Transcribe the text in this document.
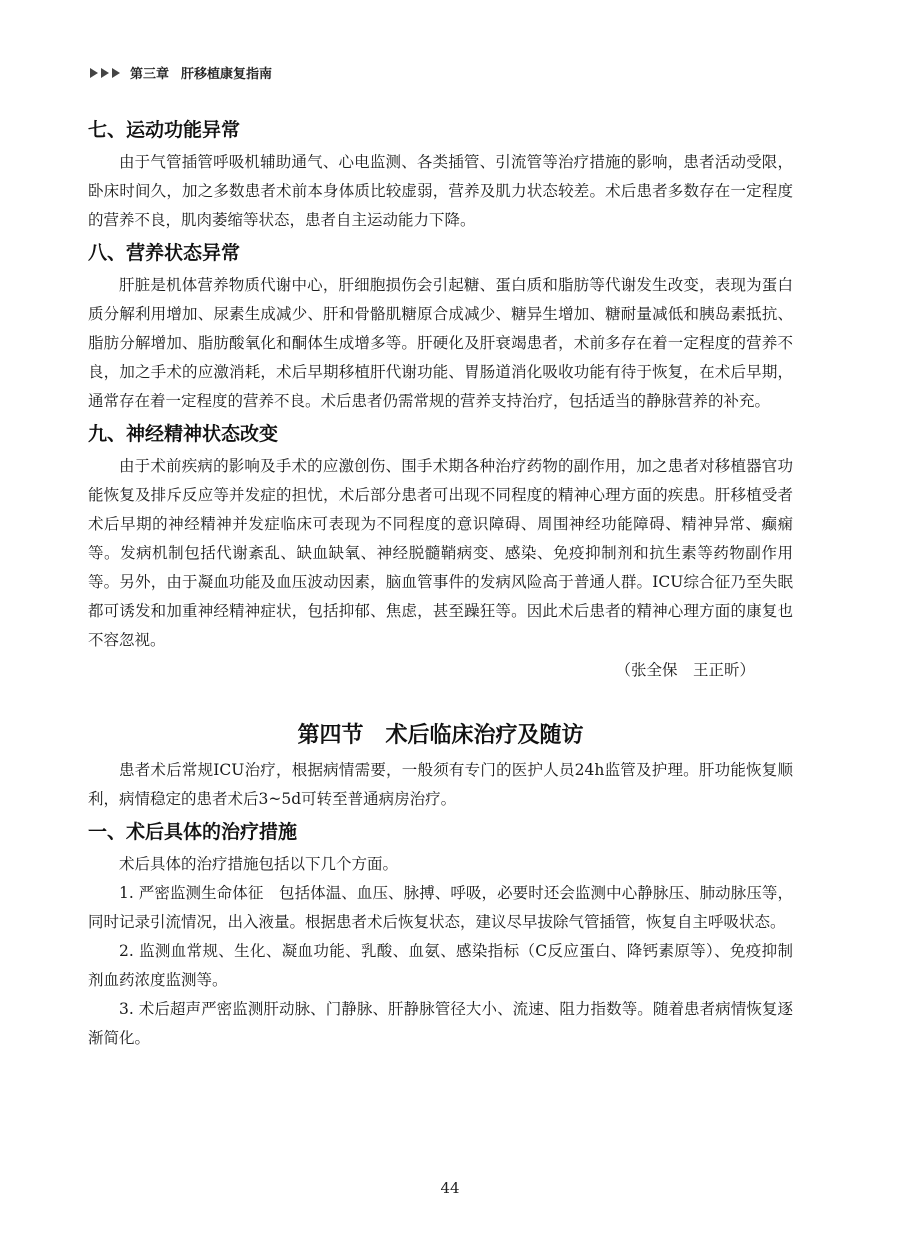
第三章 肝移植康复指南
七、运动功能异常

由于气管插管呼吸机辅助通气、心电监测、各类插管、引流管等治疗措施的影响，患者活动受限，卧床时间久，加之多数患者术前本身体质比较虚弱，营养及肌力状态较差。术后患者多数存在一定程度的营养不良，肌肉萎缩等状态，患者自主运动能力下降。

八、营养状态异常

肝脏是机体营养物质代谢中心，肝细胞损伤会引起糖、蛋白质和脂肪等代谢发生改变，表现为蛋白质分解利用增加、尿素生成减少、肝和骨骼肌糖原合成减少、糖异生增加、糖耐量减低和胰岛素抵抗、脂肪分解增加、脂肪酸氧化和酮体生成增多等。肝硬化及肝衰竭患者，术前多存在着一定程度的营养不良，加之手术的应激消耗，术后早期移植肝代谢功能、胃肠道消化吸收功能有待于恢复，在术后早期，通常存在着一定程度的营养不良。术后患者仍需常规的营养支持治疗，包括适当的静脉营养的补充。

九、神经精神状态改变

由于术前疾病的影响及手术的应激创伤、围手术期各种治疗药物的副作用，加之患者对移植器官功能恢复及排斥反应等并发症的担忧，术后部分患者可出现不同程度的精神心理方面的疾患。肝移植受者术后早期的神经精神并发症临床可表现为不同程度的意识障碍、周围神经功能障碍、精神异常、癫痫等。发病机制包括代谢紊乱、缺血缺氧、神经脱髓鞘病变、感染、免疫抑制剂和抗生素等药物副作用等。另外，由于凝血功能及血压波动因素，脑血管事件的发病风险高于普通人群。ICU综合征乃至失眠都可诱发和加重神经精神症状，包括抑郁、焦虑，甚至躁狂等。因此术后患者的精神心理方面的康复也不容忽视。

（张全保　王正昕）
第四节　术后临床治疗及随访

患者术后常规ICU治疗，根据病情需要，一般须有专门的医护人员24h监管及护理。肝功能恢复顺利，病情稳定的患者术后3~5d可转至普通病房治疗。

一、术后具体的治疗措施

术后具体的治疗措施包括以下几个方面。

1. 严密监测生命体征　包括体温、血压、脉搏、呼吸，必要时还会监测中心静脉压、肺动脉压等，同时记录引流情况，出入液量。根据患者术后恢复状态，建议尽早拔除气管插管，恢复自主呼吸状态。

2. 监测血常规、生化、凝血功能、乳酸、血氨、感染指标（C反应蛋白、降钙素原等）、免疫抑制剂血药浓度监测等。

3. 术后超声严密监测肝动脉、门静脉、肝静脉管径大小、流速、阻力指数等。随着患者病情恢复逐渐简化。

44
